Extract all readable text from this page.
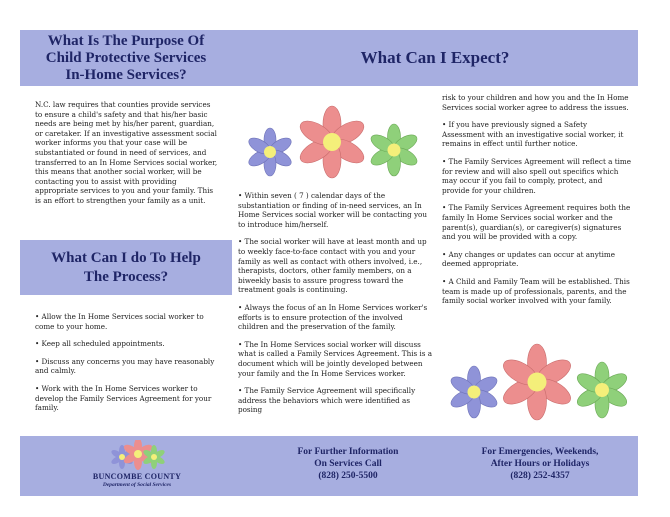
What Is The Purpose Of
Child Protective Services
In-Home Services?
What Can I Expect?

N.C. law requires that counties provide services to ensure a child's safety and that his/her basic needs are being met by his/her parent, guardian, or caretaker. If an investigative assessment social worker informs you that your case will be substantiated or found in need of services, and transferred to an In Home Services social worker, this means that another social worker, will be contacting you to assist with providing appropriate services to you and your family. This is an effort to strengthen your family as a unit.

What Can I do To Help
The Process?

• Allow the In Home Services social worker to come to your home.

• Keep all scheduled appointments.

• Discuss any concerns you may have reasonably and calmly.

• Work with the In Home Services worker to develop the Family Services Agreement for your family.

• Within seven ( 7 ) calendar days of the substantiation or finding of in-need services, an In Home Services social worker will be contacting you to introduce him/herself.

• The social worker will have at least month and up to weekly face-to-face contact with you and your family as well as contact with others involved, i.e., therapists, doctors, other family members, on a biweekly basis to assure progress toward the treatment goals is continuing.

• Always the focus of an In Home Services worker's efforts is to ensure protection of the involved children and the preservation of the family.

• The In Home Services social worker will discuss what is called a Family Services Agreement. This is a document which will be jointly developed between your family and the In Home Services worker.

• The Family Service Agreement will specifically address the behaviors which were identified as posing

risk to your children and how you and the In Home Services social worker agree to address the issues.

• If you have previously signed a Safety Assessment with an investigative social worker, it remains in effect until further notice.

• The Family Services Agreement will reflect a time for review and will also spell out specifics which may occur if you fail to comply, protect, and provide for your children.

• The Family Services Agreement requires both the family In Home Services social worker and the parent(s), guardian(s), or caregiver(s) signatures and you will be provided with a copy.

• Any changes or updates can occur at anytime deemed appropriate.

• A Child and Family Team will be established. This team is made up of professionals, parents, and the family social worker involved with your family.

BUNCOMBE COUNTY
Department of Social Services
For Further Information
On Services Call
(828) 250-5500
For Emergencies, Weekends,
After Hours or Holidays
(828) 252-4357
